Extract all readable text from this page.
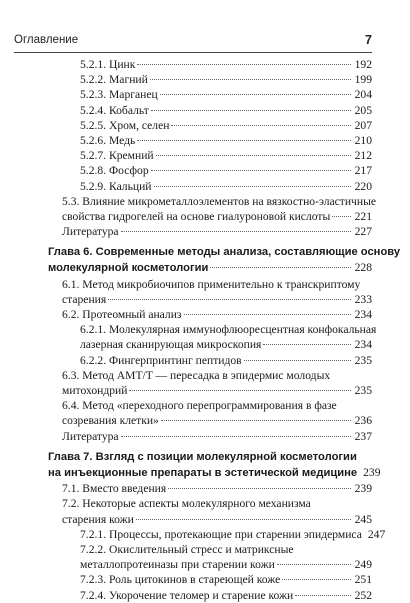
Оглавление	7
5.2.1. Цинк	192
5.2.2. Магний	199
5.2.3. Марганец	204
5.2.4. Кобальт	205
5.2.5. Хром, селен	207
5.2.6. Медь	210
5.2.7. Кремний	212
5.2.8. Фосфор	217
5.2.9. Кальций	220
5.3. Влияние микрометаллоэлементов на вязкостно-эластичные
свойства гидрогелей на основе гиалуроновой кислоты 221
Литература	227
Глава 6. Современные методы анализа, составляющие основу
молекулярной косметологии	228
6.1. Метод микробиочипов применительно к транскриптому
старения	233
6.2. Протеомный анализ	234
6.2.1. Молекулярная иммунофлюоресцентная конфокальная
лазерная сканирующая микроскопия	234
6.2.2. Фингерпринтинг пептидов	235
6.3. Метод AMT/T — пересадка в эпидермис молодых
митохондрий	235
6.4. Метод «переходного перепрограммирования в фазе
созревания клетки»	236
Литература	237
Глава 7. Взгляд с позиции молекулярной косметологии
на инъекционные препараты в эстетической медицине 239
7.1. Вместо введения	239
7.2. Некоторые аспекты молекулярного механизма
старения кожи	245
7.2.1. Процессы, протекающие при старении эпидермиса 247
7.2.2. Окислительный стресс и матриксные
металлопротеиназы при старении кожи	249
7.2.3. Роль цитокинов в стареющей коже	251
7.2.4. Укорочение теломер и старение кожи	252
